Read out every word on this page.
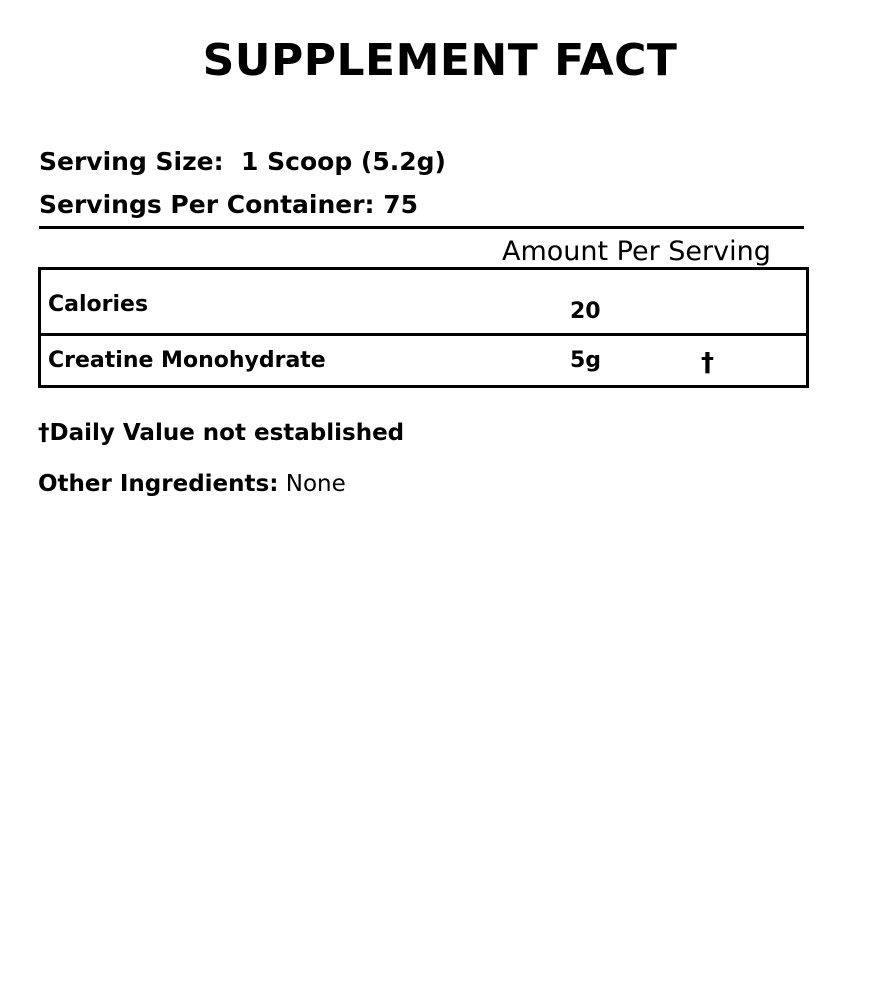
SUPPLEMENT FACT
Serving Size:  1 Scoop (5.2g)
Servings Per Container: 75
Amount Per Serving
Calories	20
Creatine Monohydrate	5g	†
†Daily Value not established
Other Ingredients: None
